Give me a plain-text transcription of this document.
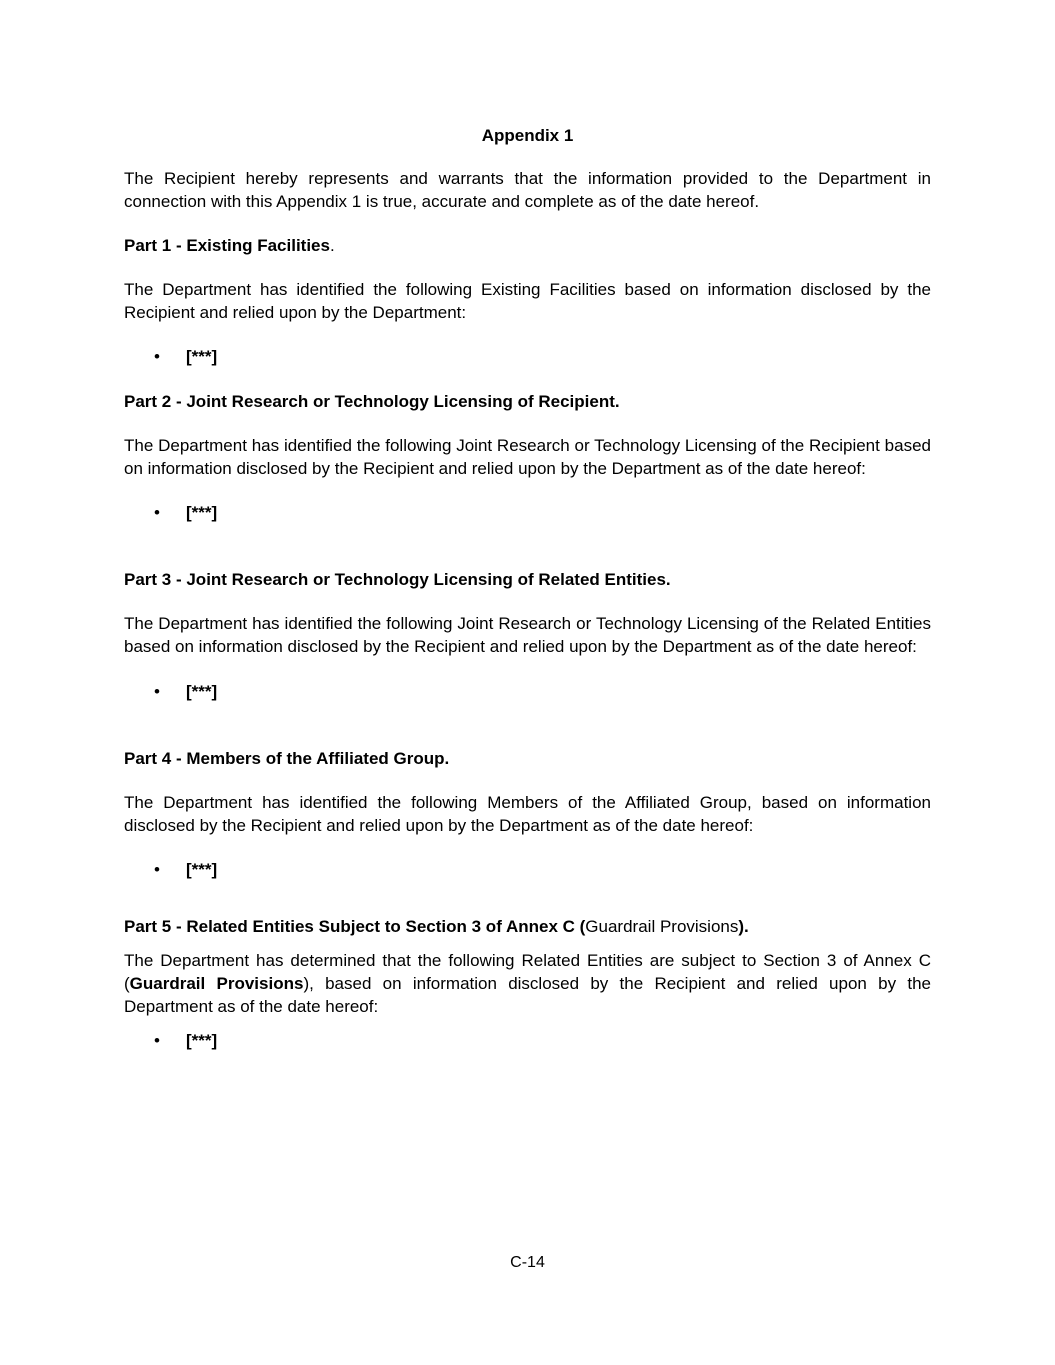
Appendix 1
The Recipient hereby represents and warrants that the information provided to the Department in connection with this Appendix 1 is true, accurate and complete as of the date hereof.
Part 1 - Existing Facilities.
The Department has identified the following Existing Facilities based on information disclosed by the Recipient and relied upon by the Department:
• [***]
Part 2 - Joint Research or Technology Licensing of Recipient.
The Department has identified the following Joint Research or Technology Licensing of the Recipient based on information disclosed by the Recipient and relied upon by the Department as of the date hereof:
• [***]
Part 3 - Joint Research or Technology Licensing of Related Entities.
The Department has identified the following Joint Research or Technology Licensing of the Related Entities based on information disclosed by the Recipient and relied upon by the Department as of the date hereof:
• [***]
Part 4 - Members of the Affiliated Group.
The Department has identified the following Members of the Affiliated Group, based on information disclosed by the Recipient and relied upon by the Department as of the date hereof:
• [***]
Part 5 - Related Entities Subject to Section 3 of Annex C (Guardrail Provisions).
The Department has determined that the following Related Entities are subject to Section 3 of Annex C (Guardrail Provisions), based on information disclosed by the Recipient and relied upon by the Department as of the date hereof:
• [***]
C-14
